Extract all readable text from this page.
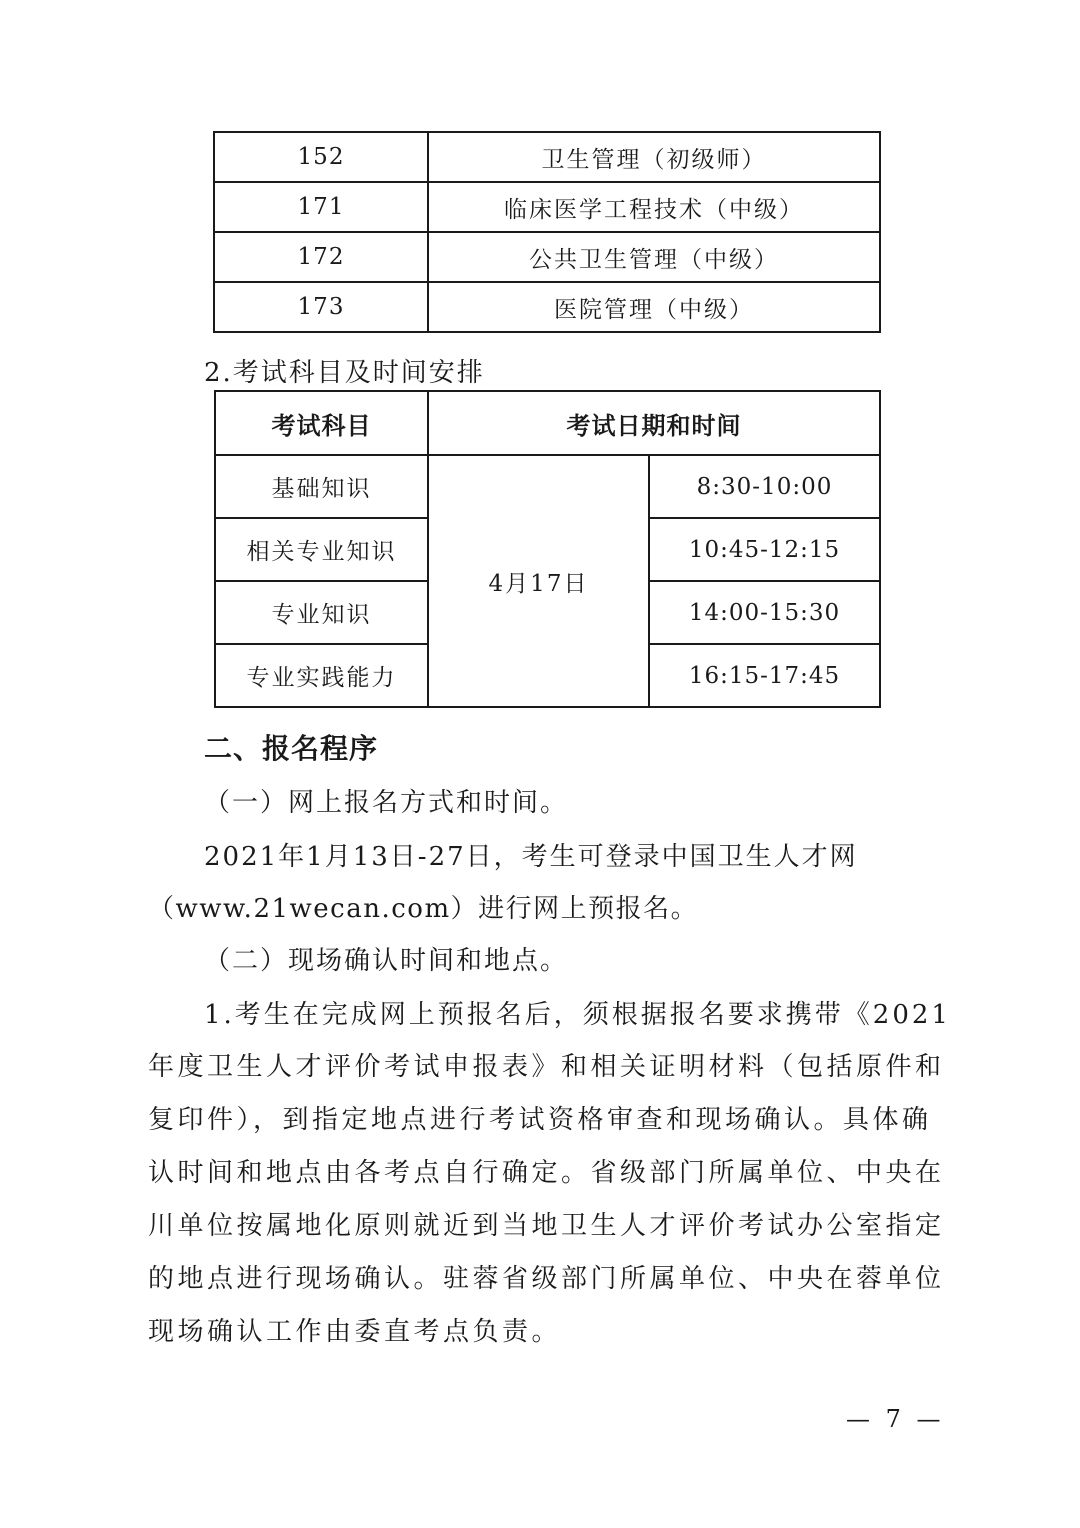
152	卫生管理（初级师）
171	临床医学工程技术（中级）
172	公共卫生管理（中级）
173	医院管理（中级）
2.考试科目及时间安排
考试科目	考试日期和时间	
基础知识	4月17日	8:30-10:00
相关专业知识		10:45-12:15
专业知识		14:00-15:30
专业实践能力		16:15-17:45
二、报名程序
（一）网上报名方式和时间。
2021年1月13日-27日，考生可登录中国卫生人才网
（www.21wecan.com）进行网上预报名。
（二）现场确认时间和地点。
1.考生在完成网上预报名后，须根据报名要求携带《2021
年度卫生人才评价考试申报表》和相关证明材料（包括原件和
复印件），到指定地点进行考试资格审查和现场确认。具体确
认时间和地点由各考点自行确定。省级部门所属单位、中央在
川单位按属地化原则就近到当地卫生人才评价考试办公室指定
的地点进行现场确认。驻蓉省级部门所属单位、中央在蓉单位
现场确认工作由委直考点负责。
— 7 —
